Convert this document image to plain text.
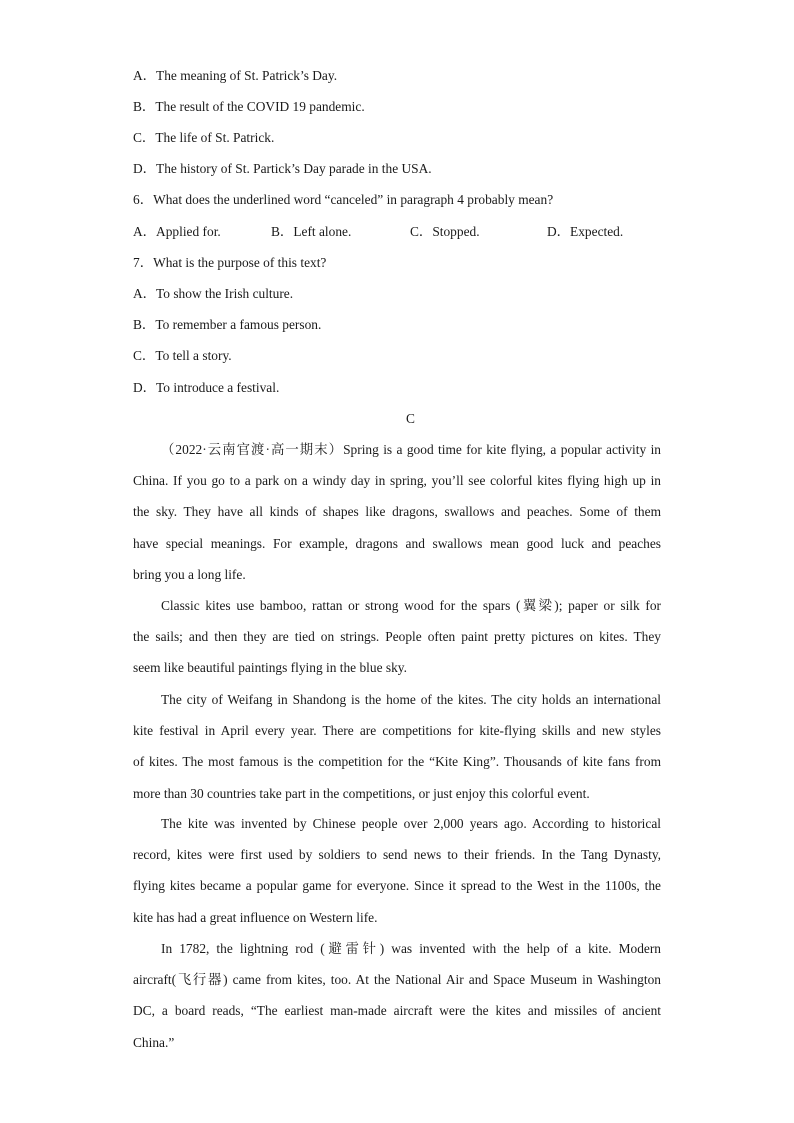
A．The meaning of St. Patrick’s Day.
B．The result of the COVID 19 pandemic.
C．The life of St. Patrick.
D．The history of St. Partick’s Day parade in the USA.
6．What does the underlined word “canceled” in paragraph 4 probably mean?
A．Applied for.	B．Left alone.	C．Stopped.	D．Expected.
7．What is the purpose of this text?
A．To show the Irish culture.
B．To remember a famous person.
C．To tell a story.
D．To introduce a festival.
C
（2022·云南官渡·高一期末）Spring is a good time for kite flying, a popular activity in
China. If you go to a park on a windy day in spring, you’ll see colorful kites flying high up in
the sky. They have all kinds of shapes like dragons, swallows and peaches. Some of them
have special meanings. For example, dragons and swallows mean good luck and peaches
bring you a long life.
Classic kites use bamboo, rattan or strong wood for the spars (翼梁); paper or silk for
the sails; and then they are tied on strings. People often paint pretty pictures on kites. They
seem like beautiful paintings flying in the blue sky.
The city of Weifang in Shandong is the home of the kites. The city holds an international
kite festival in April every year. There are competitions for kite-flying skills and new styles
of kites. The most famous is the competition for the “Kite King”. Thousands of kite fans from
more than 30 countries take part in the competitions, or just enjoy this colorful event.
The kite was invented by Chinese people over 2,000 years ago. According to historical
record, kites were first used by soldiers to send news to their friends. In the Tang Dynasty,
flying kites became a popular game for everyone. Since it spread to the West in the 1100s, the
kite has had a great influence on Western life.
In 1782, the lightning rod (避雷针) was invented with the help of a kite. Modern
aircraft(飞行器) came from kites, too. At the National Air and Space Museum in Washington
DC, a board reads, “The earliest man-made aircraft were the kites and missiles of ancient
China.”
